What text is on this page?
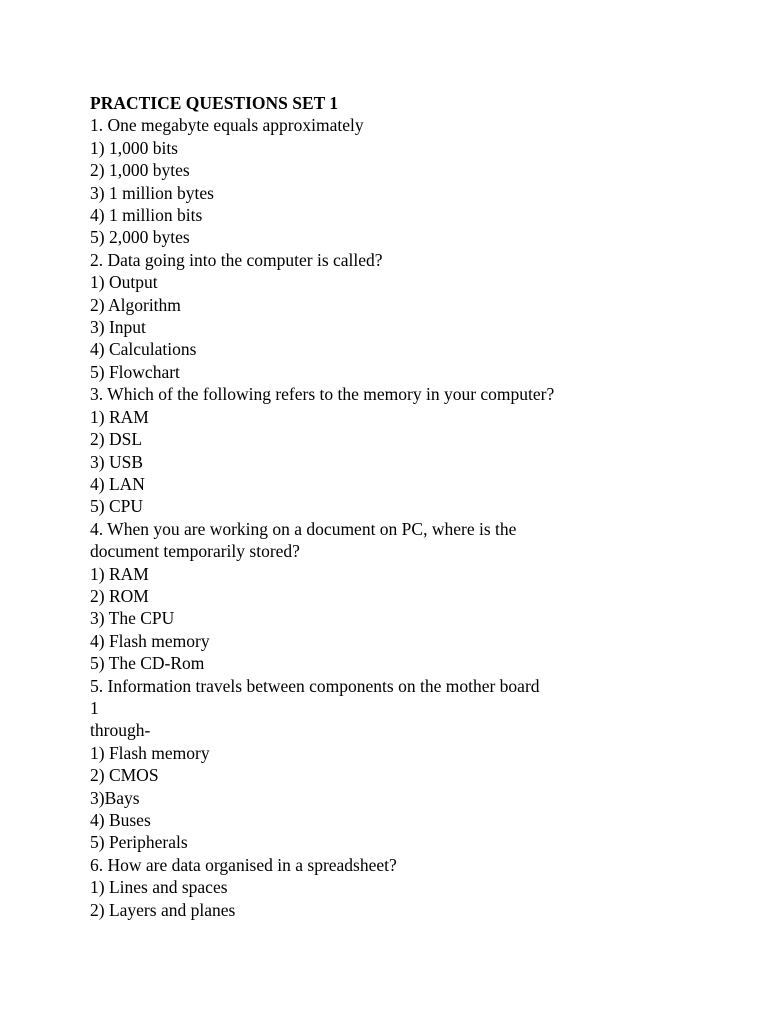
PRACTICE QUESTIONS SET 1
1. One megabyte equals approximately
1) 1,000 bits
2) 1,000 bytes
3) 1 million bytes
4) 1 million bits
5) 2,000 bytes
2. Data going into the computer is called?
1) Output
2) Algorithm
3) Input
4) Calculations
5) Flowchart
3. Which of the following refers to the memory in your computer?
1) RAM
2) DSL
3) USB
4) LAN
5) CPU
4. When you are working on a document on PC, where is the
document temporarily stored?
1) RAM
2) ROM
3) The CPU
4) Flash memory
5) The CD-Rom
5. Information travels between components on the mother board
1
through-
1) Flash memory
2) CMOS
3)Bays
4) Buses
5) Peripherals
6. How are data organised in a spreadsheet?
1) Lines and spaces
2) Layers and planes
